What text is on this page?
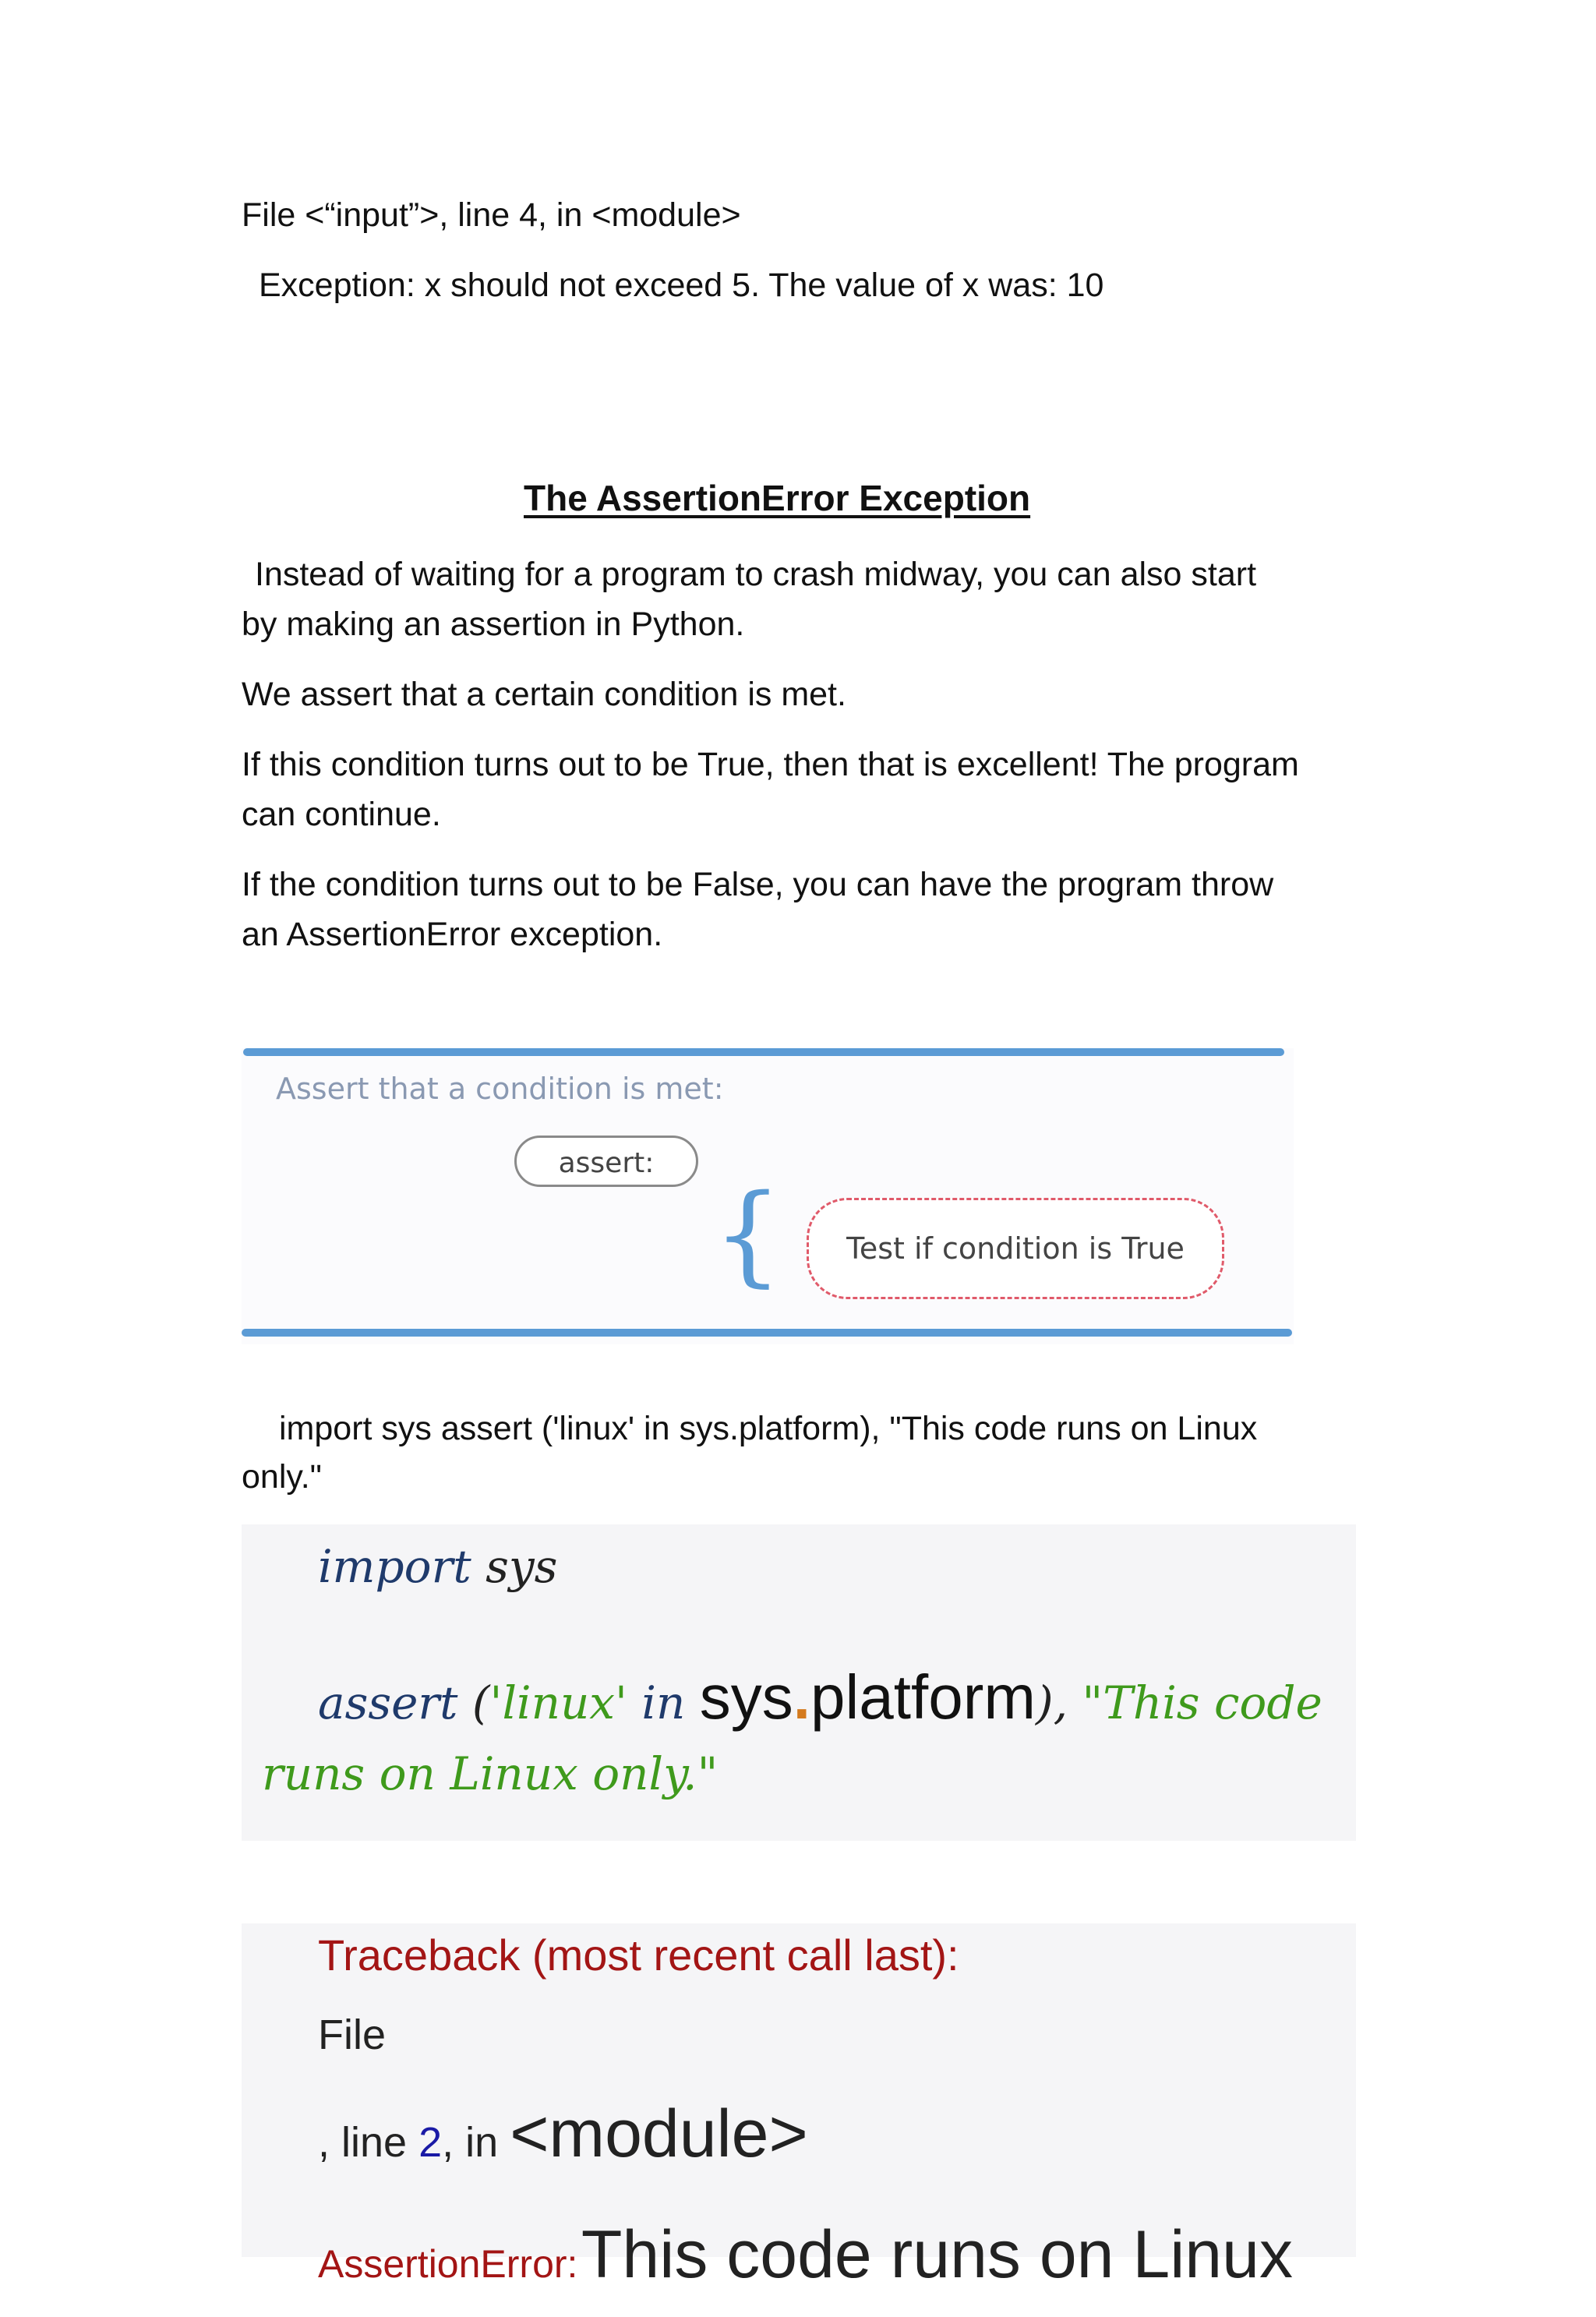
File <“input”>, line 4, in <module>

Exception: x should not exceed 5. The value of x was: 10

The AssertionError Exception

Instead of waiting for a program to crash midway, you can also start

by making an assertion in Python.

We assert that a certain condition is met.

If this condition turns out to be True, then that is excellent! The program

can continue.

If the condition turns out to be False, you can have the program throw

an AssertionError exception.

Assert that a condition is met:
assert:
{	Test if condition is True

import sys assert ('linux' in sys.platform), "This code runs on Linux

only."

import sys

assert ('linux' in sys.platform), "This code

runs on Linux only."

Traceback (most recent call last):

File

, line 2, in <module>

AssertionError: This code runs on Linux
